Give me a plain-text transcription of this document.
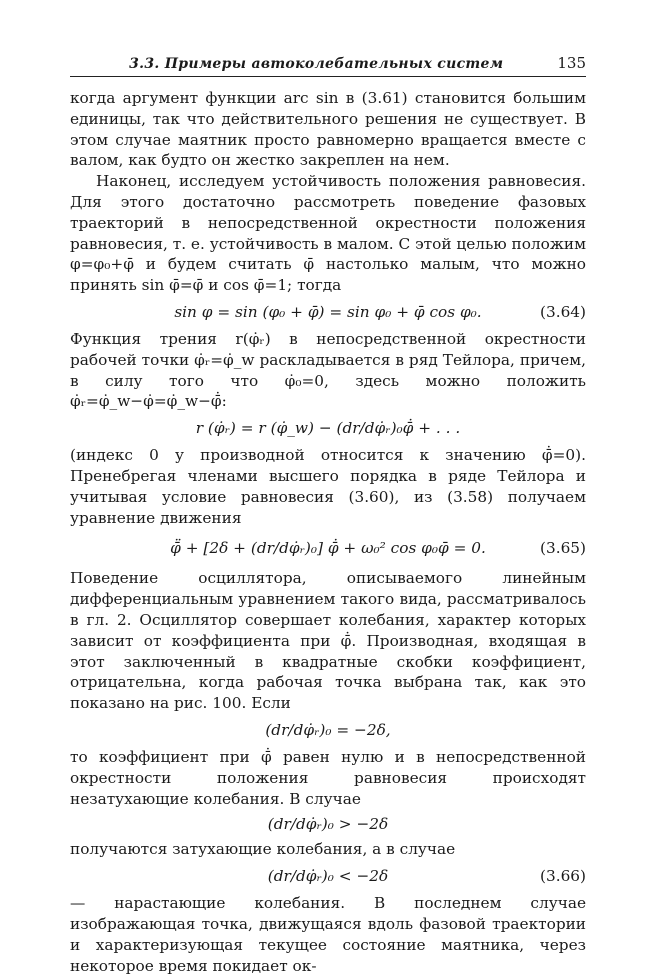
3.3. Примеры автоколебательных систем	135

когда аргумент функции arc sin в (3.61) становится большим единицы, так что действительного решения не существует. В этом случае маятник просто равномерно вращается вместе с валом, как будто он жестко закреплен на нем.

Наконец, исследуем устойчивость положения равновесия. Для этого достаточно рассмотреть поведение фазовых траекторий в непосредственной окрестности положения равновесия, т. е. устойчивость в малом. С этой целью положим φ=φ₀+φ̄ и будем считать φ̄ настолько малым, что можно принять sin φ̄=φ̄ и cos φ̄=1; тогда

sin φ = sin (φ₀ + φ̄) = sin φ₀ + φ̄ cos φ₀.	(3.64)

Функция трения r(φ̇ᵣ) в непосредственной окрестности рабочей точки φ̇ᵣ=φ̇_w раскладывается в ряд Тейлора, причем, в силу того что φ̇₀=0, здесь можно положить φ̇ᵣ=φ̇_w−φ̇=φ̇_w−φ̄̇:

r (φ̇ᵣ) = r (φ̇_w) − (dr/dφ̇ᵣ)₀φ̄̇ + . . .

(индекс 0 у производной относится к значению φ̄̇=0). Пренебрегая членами высшего порядка в ряде Тейлора и учитывая условие равновесия (3.60), из (3.58) получаем уравнение движения

φ̄̈ + [2δ + (dr/dφ̇ᵣ)₀] φ̄̇ + ω₀² cos φ₀φ̄ = 0.	(3.65)

Поведение осциллятора, описываемого линейным дифференциальным уравнением такого вида, рассматривалось в гл. 2. Осциллятор совершает колебания, характер которых зависит от коэффициента при φ̄̇. Производная, входящая в этот заключенный в квадратные скобки коэффициент, отрицательна, когда рабочая точка выбрана так, как это показано на рис. 100. Если

(dr/dφ̇ᵣ)₀ = −2δ,

то коэффициент при φ̄̇ равен нулю и в непосредственной окрестности положения равновесия происходят незатухающие колебания. В случае

(dr/dφ̇ᵣ)₀ > −2δ

получаются затухающие колебания, а в случае

(dr/dφ̇ᵣ)₀ < −2δ	(3.66)

— нарастающие колебания. В последнем случае изображающая точка, движущаяся вдоль фазовой траектории и характеризующая текущее состояние маятника, через некоторое время покидает ок-
